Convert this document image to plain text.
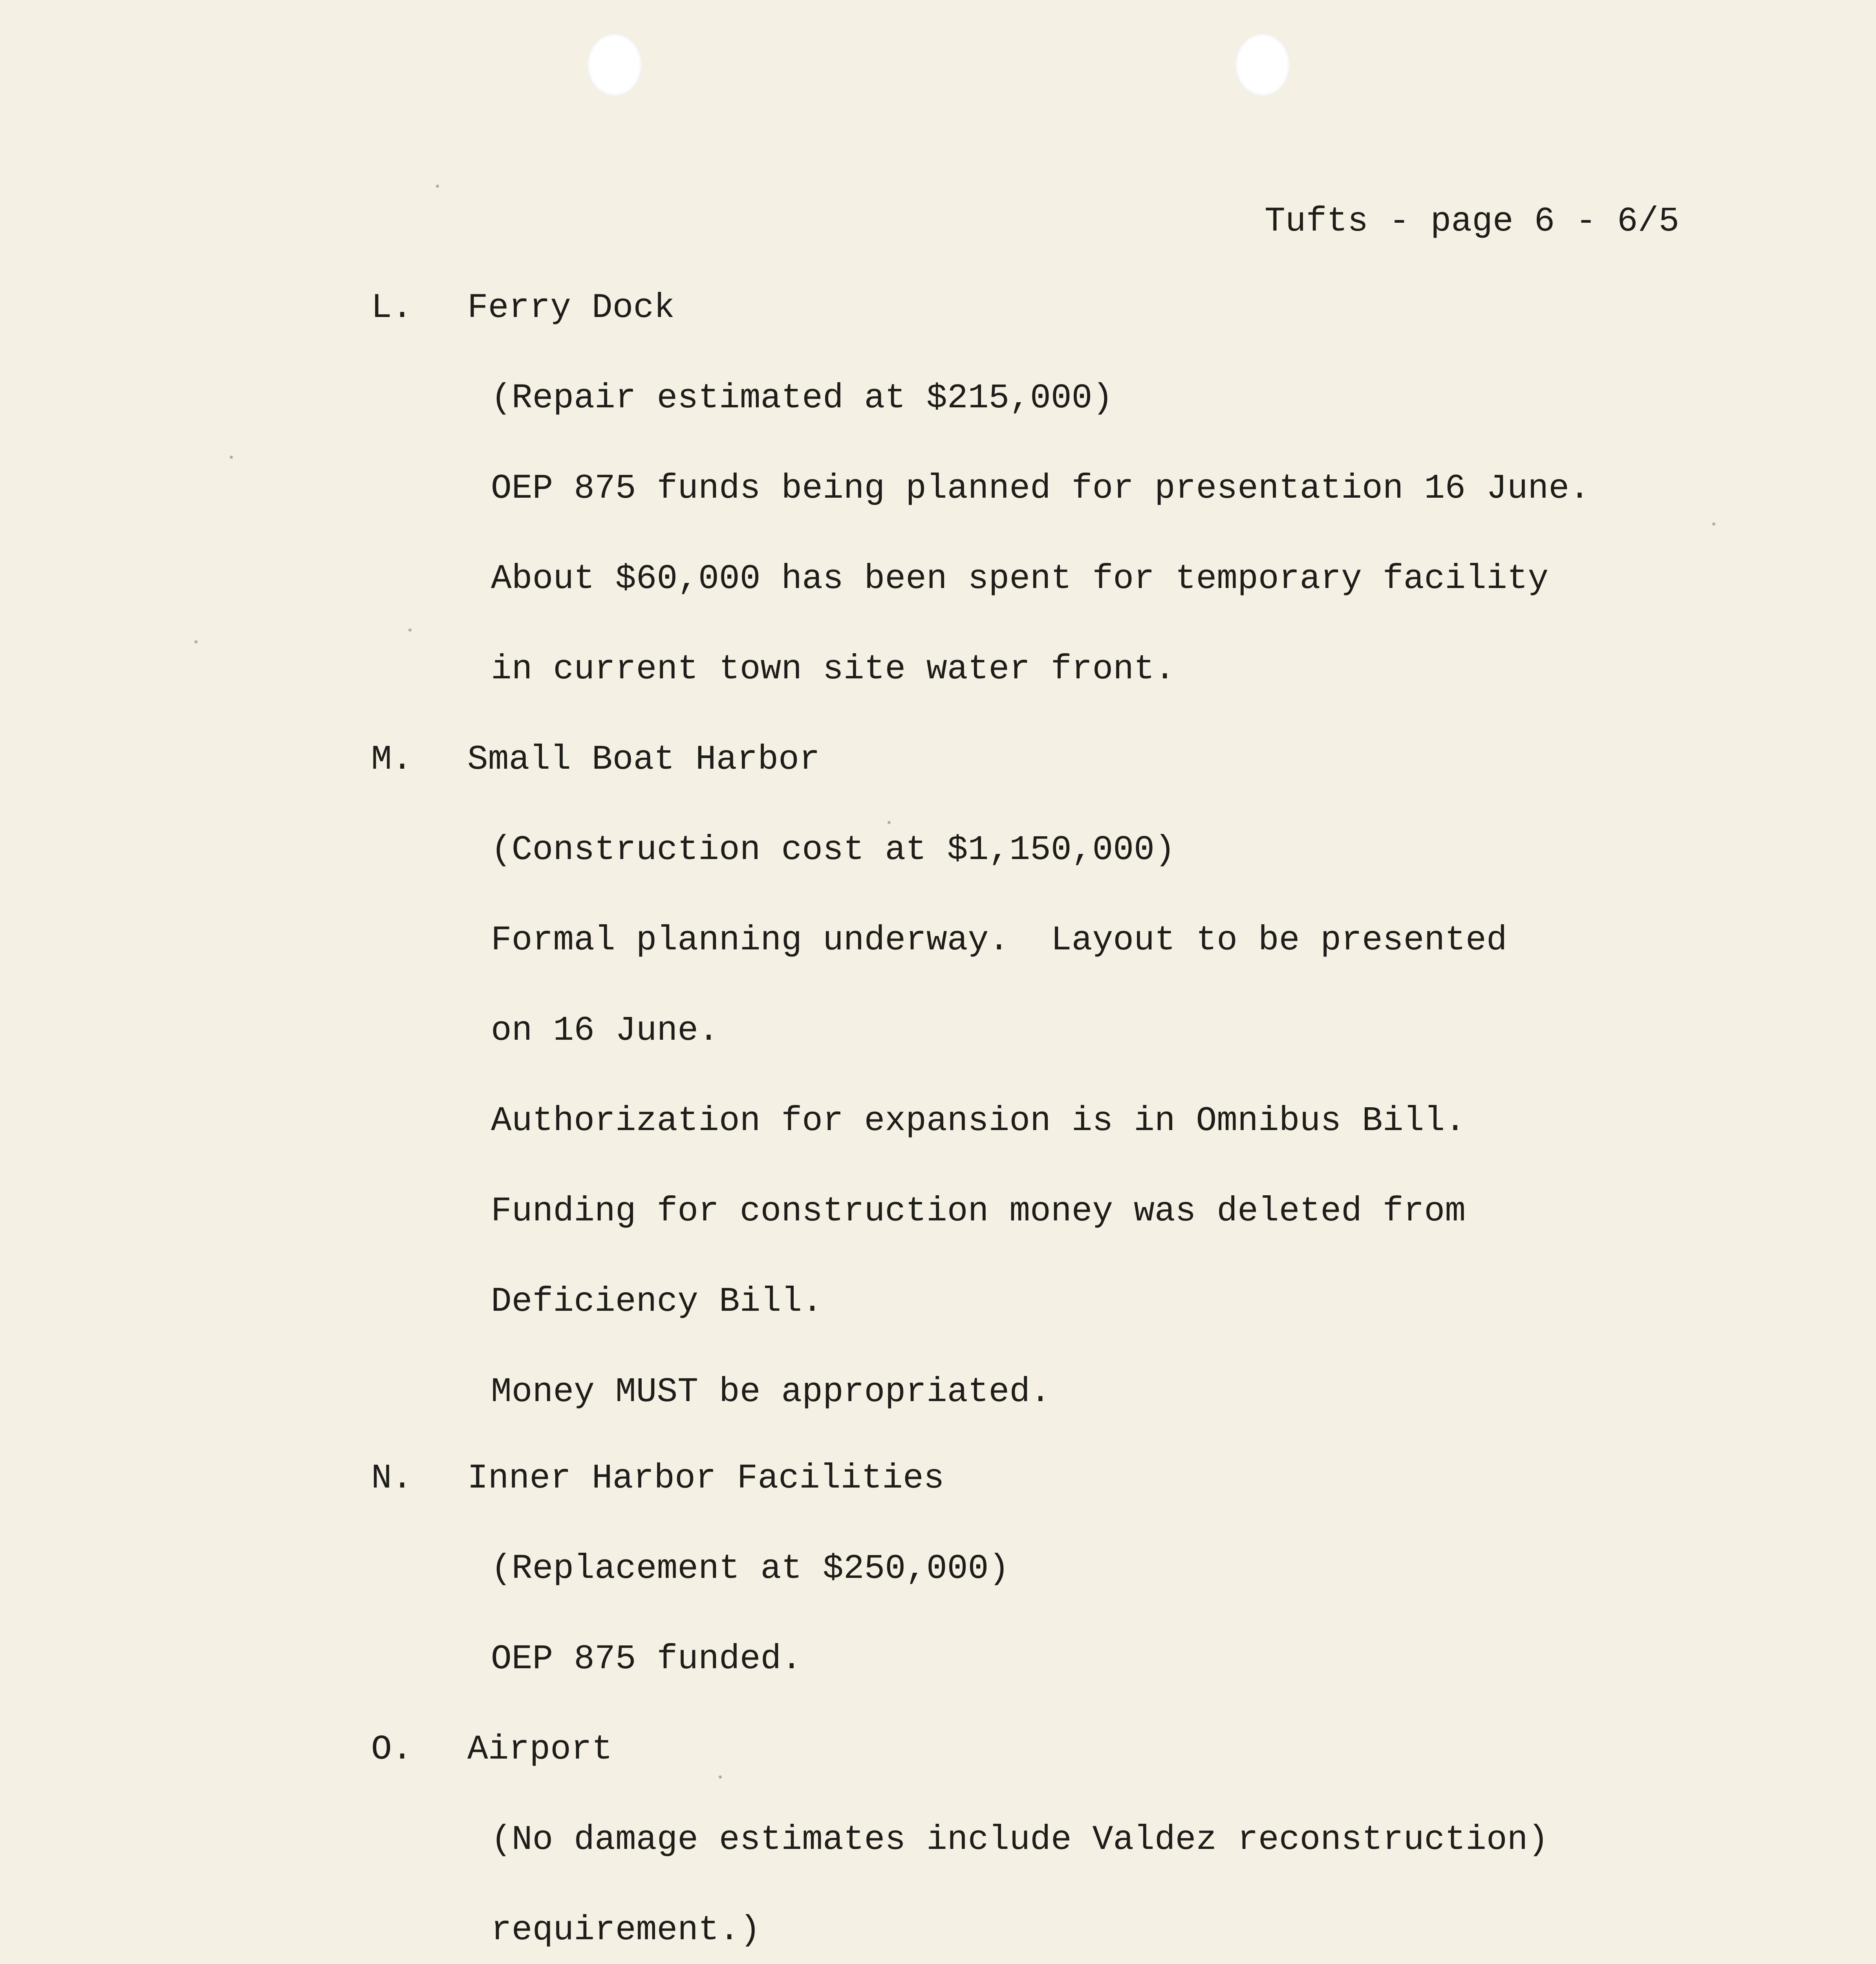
Tufts - page 6 - 6/5

L. Ferry Dock

(Repair estimated at $215,000)

OEP 875 funds being planned for presentation 16 June.

About $60,000 has been spent for temporary facility

in current town site water front.

M. Small Boat Harbor

(Construction cost at $1,150,000)

Formal planning underway.  Layout to be presented

on 16 June.

Authorization for expansion is in Omnibus Bill.

Funding for construction money was deleted from

Deficiency Bill.

Money MUST be appropriated.

N. Inner Harbor Facilities

(Replacement at $250,000)

OEP 875 funded.

O. Airport

(No damage estimates include Valdez reconstruction)

requirement.)
